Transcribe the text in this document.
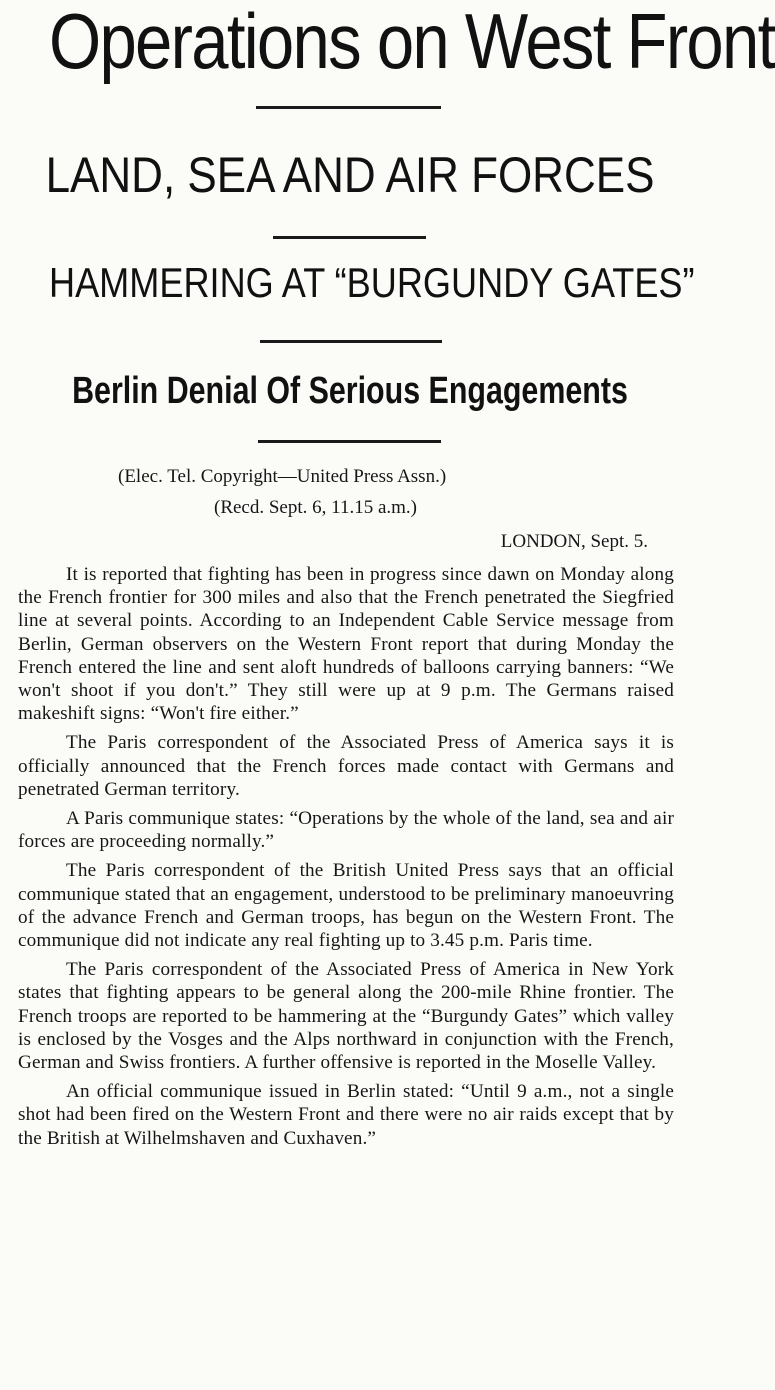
Operations on West Front
LAND, SEA AND AIR FORCES
HAMMERING AT “BURGUNDY GATES”
Berlin Denial Of Serious Engagements

(Elec. Tel. Copyright—United Press Assn.)

(Recd. Sept. 6, 11.15 a.m.)

LONDON, Sept. 5.

It is reported that fighting has been in progress since dawn on Monday along the French frontier for 300 miles and also that the French penetrated the Siegfried line at several points. According to an Independent Cable Service message from Berlin, German observers on the Western Front report that during Monday the French entered the line and sent aloft hundreds of balloons carrying banners: “We won't shoot if you don't.” They still were up at 9 p.m. The Germans raised makeshift signs: “Won't fire either.”

The Paris correspondent of the Associated Press of America says it is officially announced that the French forces made contact with Germans and penetrated German territory.

A Paris communique states: “Operations by the whole of the land, sea and air forces are proceeding normally.”

The Paris correspondent of the British United Press says that an official communique stated that an engagement, understood to be preliminary manoeuvring of the advance French and German troops, has begun on the Western Front. The communique did not indicate any real fighting up to 3.45 p.m. Paris time.

The Paris correspondent of the Associated Press of America in New York states that fighting appears to be general along the 200-mile Rhine frontier. The French troops are reported to be hammering at the “Burgundy Gates” which valley is enclosed by the Vosges and the Alps northward in conjunction with the French, German and Swiss frontiers. A further offensive is reported in the Moselle Valley.

An official communique issued in Berlin stated: “Until 9 a.m., not a single shot had been fired on the Western Front and there were no air raids except that by the British at Wilhelmshaven and Cuxhaven.”
